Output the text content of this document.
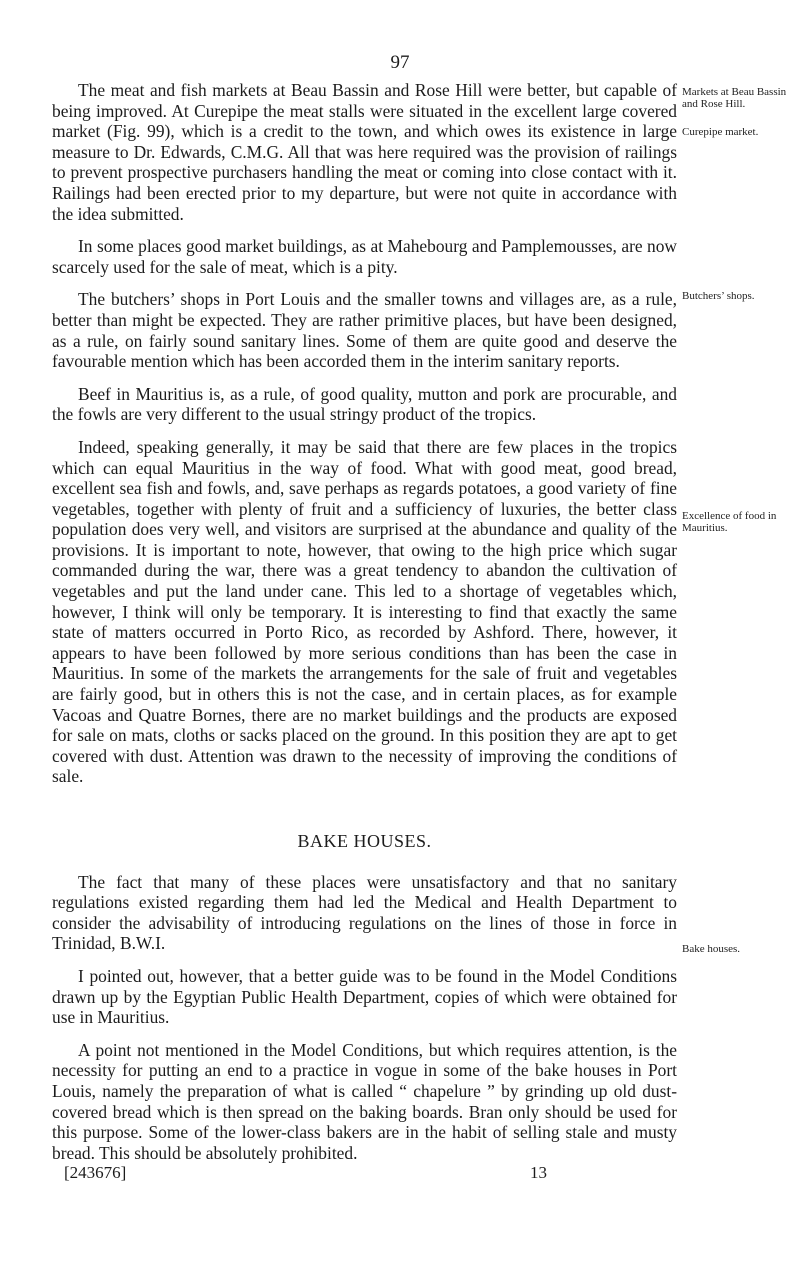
97

The meat and fish markets at Beau Bassin and Rose Hill were better, but capable of being improved. At Curepipe the meat stalls were situated in the excellent large covered market (Fig. 99), which is a credit to the town, and which owes its existence in large measure to Dr. Edwards, C.M.G. All that was here required was the provision of railings to prevent prospective purchasers handling the meat or coming into close contact with it. Railings had been erected prior to my departure, but were not quite in accordance with the idea submitted.

In some places good market buildings, as at Mahebourg and Pamplemousses, are now scarcely used for the sale of meat, which is a pity.

The butchers’ shops in Port Louis and the smaller towns and villages are, as a rule, better than might be expected. They are rather primitive places, but have been designed, as a rule, on fairly sound sanitary lines. Some of them are quite good and deserve the favourable mention which has been accorded them in the interim sanitary reports.

Beef in Mauritius is, as a rule, of good quality, mutton and pork are procurable, and the fowls are very different to the usual stringy product of the tropics.

Indeed, speaking generally, it may be said that there are few places in the tropics which can equal Mauritius in the way of food. What with good meat, good bread, excellent sea fish and fowls, and, save perhaps as regards potatoes, a good variety of fine vegetables, together with plenty of fruit and a sufficiency of luxuries, the better class population does very well, and visitors are surprised at the abundance and quality of the provisions. It is important to note, however, that owing to the high price which sugar commanded during the war, there was a great tendency to abandon the cultivation of vegetables and put the land under cane. This led to a shortage of vegetables which, however, I think will only be temporary. It is interesting to find that exactly the same state of matters occurred in Porto Rico, as recorded by Ashford. There, however, it appears to have been followed by more serious conditions than has been the case in Mauritius. In some of the markets the arrangements for the sale of fruit and vegetables are fairly good, but in others this is not the case, and in certain places, as for example Vacoas and Quatre Bornes, there are no market buildings and the products are exposed for sale on mats, cloths or sacks placed on the ground. In this position they are apt to get covered with dust. Attention was drawn to the necessity of improving the conditions of sale.

BAKE HOUSES.

The fact that many of these places were unsatisfactory and that no sanitary regulations existed regarding them had led the Medical and Health Department to consider the advisability of introducing regulations on the lines of those in force in Trinidad, B.W.I.

I pointed out, however, that a better guide was to be found in the Model Conditions drawn up by the Egyptian Public Health Department, copies of which were obtained for use in Mauritius.

A point not mentioned in the Model Conditions, but which requires attention, is the necessity for putting an end to a practice in vogue in some of the bake houses in Port Louis, namely the preparation of what is called “ chapelure ” by grinding up old dust-covered bread which is then spread on the baking boards. Bran only should be used for this purpose. Some of the lower-class bakers are in the habit of selling stale and musty bread. This should be absolutely prohibited.

[243676]	13
Markets at Beau Bassin and Rose Hill.
Curepipe market.
Butchers’ shops.
Excellence of food in Mauritius.
Bake houses.
